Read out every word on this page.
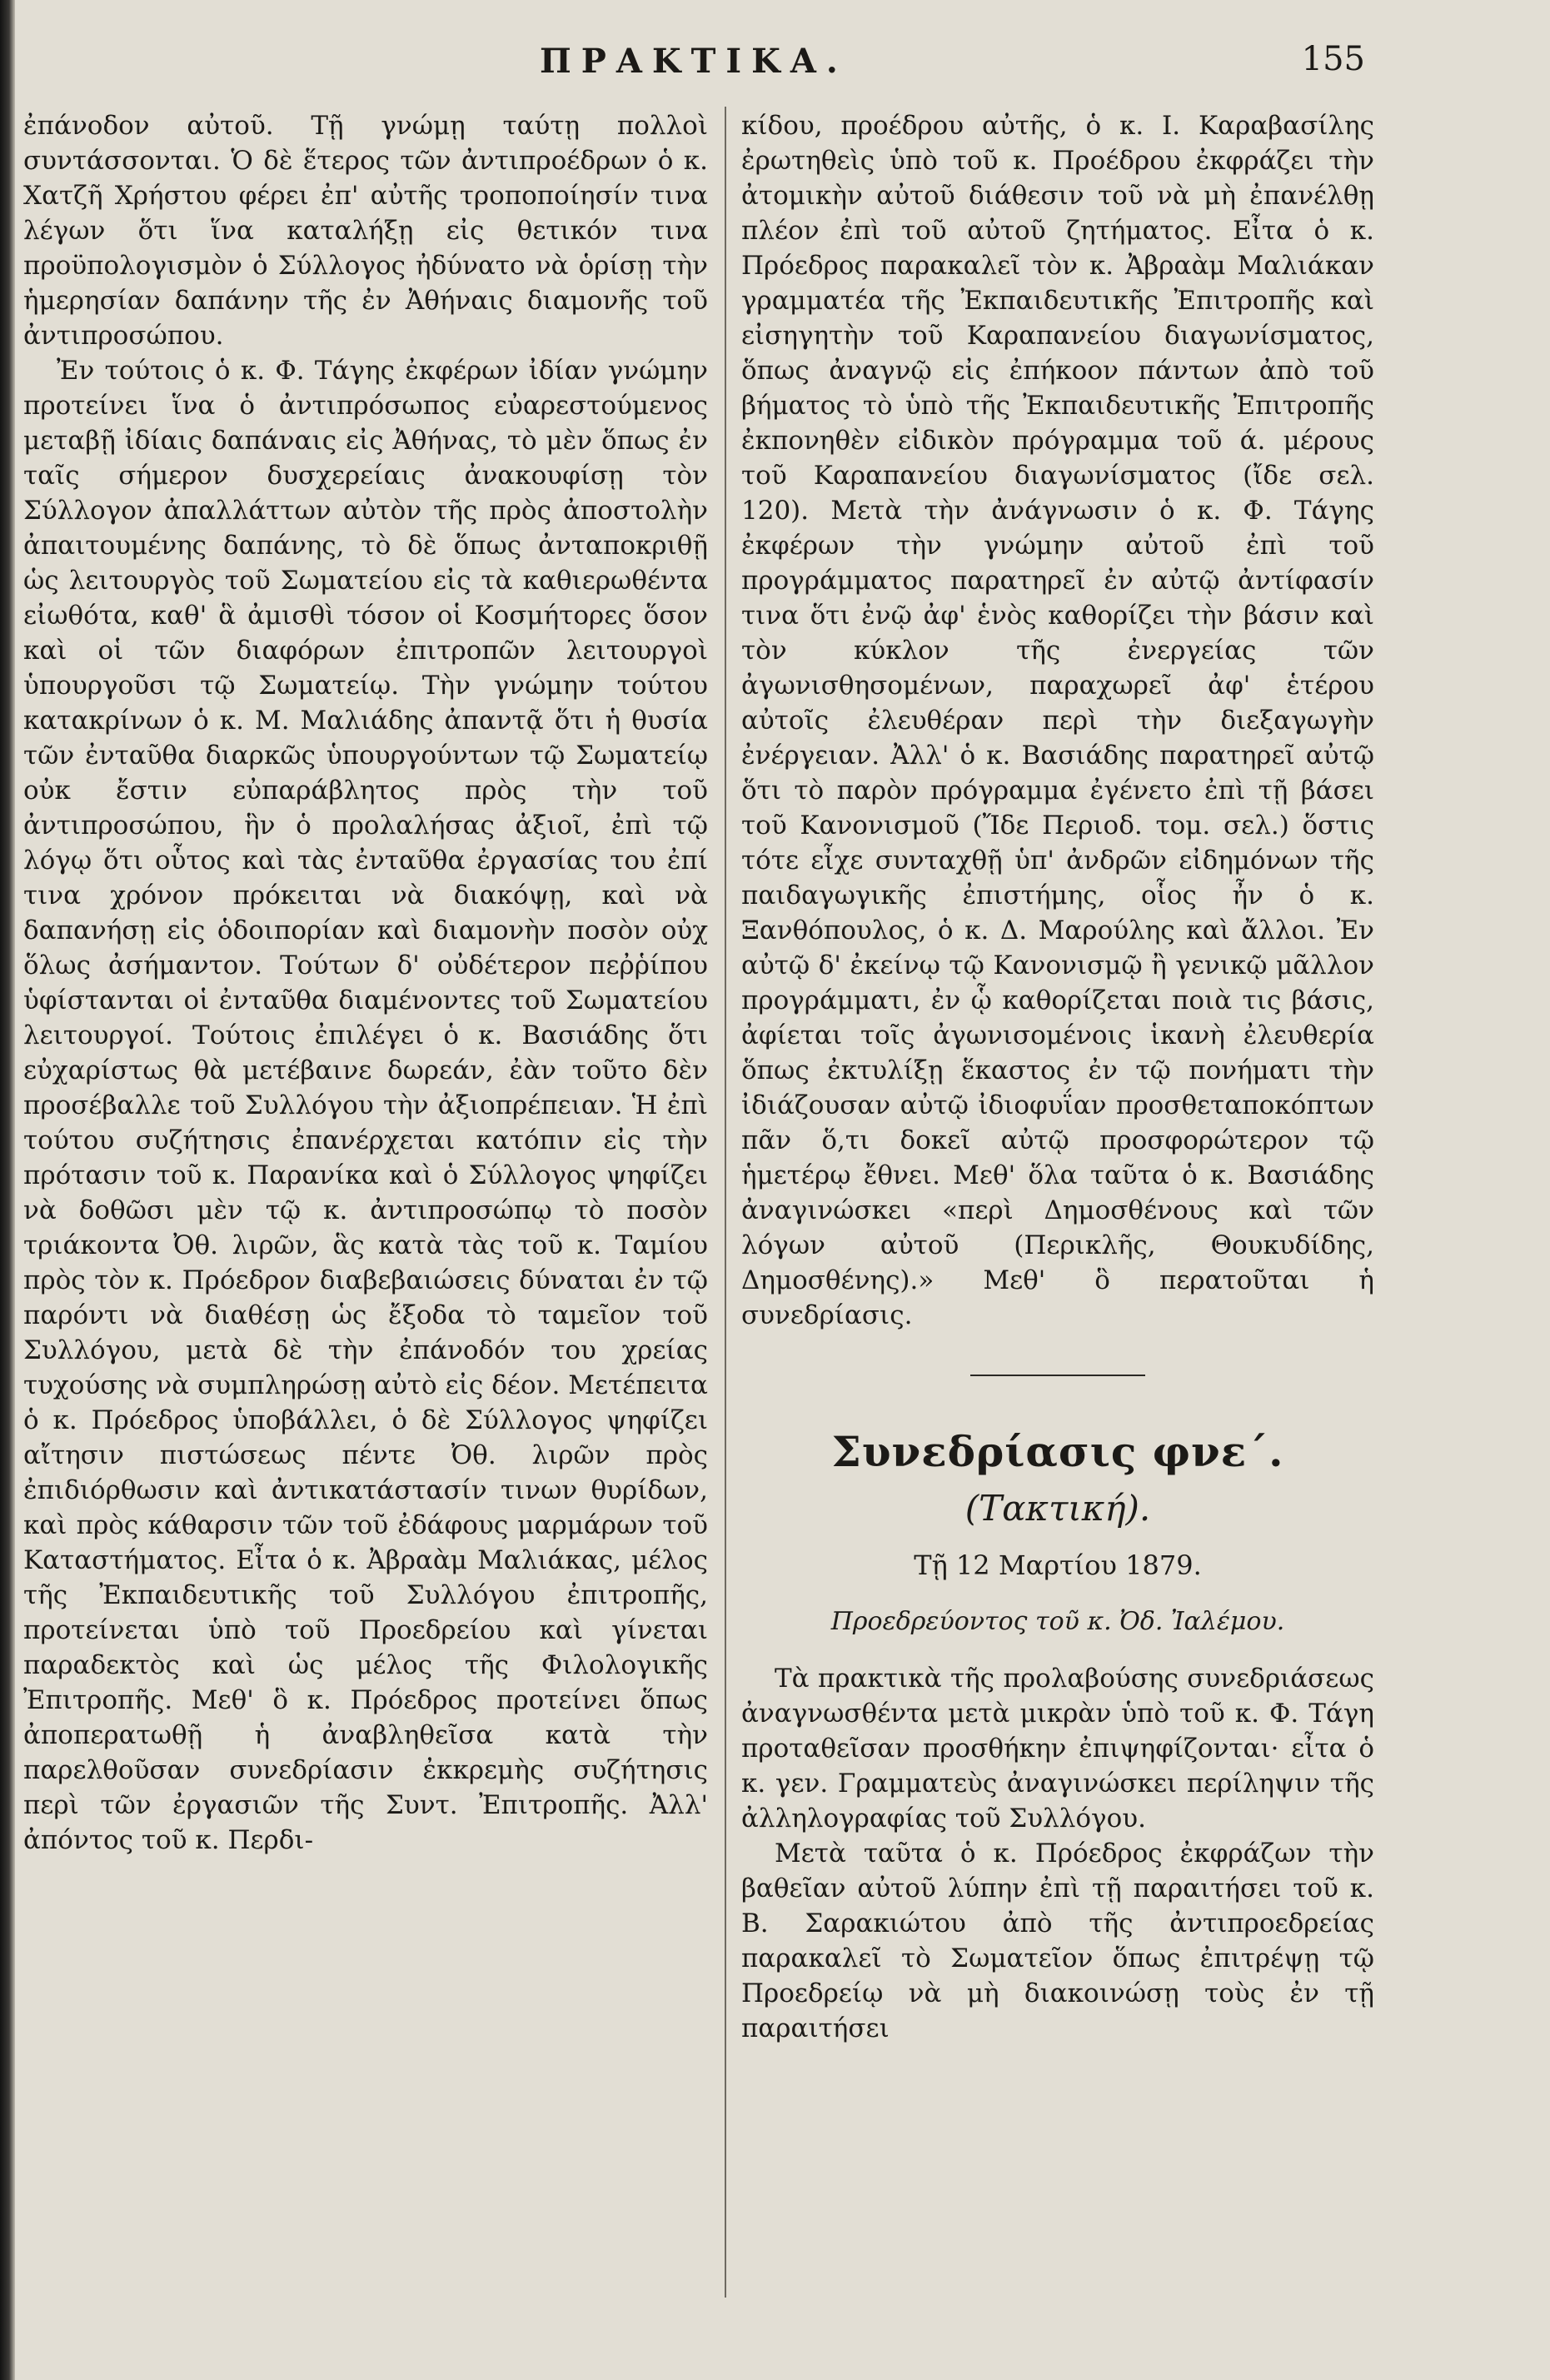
ΠΡΑΚΤΙΚΑ.	155

ἐπάνοδον αὐτοῦ. Τῇ γνώμῃ ταύτῃ πολλοὶ συντάσσονται. Ὁ δὲ ἕτερος τῶν ἀντιπροέδρων ὁ κ. Χατζῆ Χρήστου φέρει ἐπ' αὐτῆς τροποποίησίν τινα λέγων ὅτι ἵνα καταλήξῃ εἰς θετικόν τινα προϋπολογισμὸν ὁ Σύλλογος ἠδύνατο νὰ ὁρίσῃ τὴν ἡμερησίαν δαπάνην τῆς ἐν Ἀθήναις διαμονῆς τοῦ ἀντιπροσώπου.

Ἐν τούτοις ὁ κ. Φ. Τάγης ἐκφέρων ἰδίαν γνώμην προτείνει ἵνα ὁ ἀντιπρόσωπος εὐαρεστούμενος μεταβῇ ἰδίαις δαπάναις εἰς Ἀθήνας, τὸ μὲν ὅπως ἐν ταῖς σήμερον δυσχερείαις ἀνακουφίσῃ τὸν Σύλλογον ἀπαλλάττων αὐτὸν τῆς πρὸς ἀποστολὴν ἀπαιτουμένης δαπάνης, τὸ δὲ ὅπως ἀνταποκριθῇ ὡς λειτουργὸς τοῦ Σωματείου εἰς τὰ καθιερωθέντα εἰωθότα, καθ' ἃ ἀμισθὶ τόσον οἱ Κοσμήτορες ὅσον καὶ οἱ τῶν διαφόρων ἐπιτροπῶν λειτουργοὶ ὑπουργοῦσι τῷ Σωματείῳ. Τὴν γνώμην τούτου κατακρίνων ὁ κ. Μ. Μαλιάδης ἀπαντᾷ ὅτι ἡ θυσία τῶν ἐνταῦθα διαρκῶς ὑπουργούντων τῷ Σωματείῳ οὐκ ἔστιν εὐπαράβλητος πρὸς τὴν τοῦ ἀντιπροσώπου, ἣν ὁ προλαλήσας ἀξιοῖ, ἐπὶ τῷ λόγῳ ὅτι οὗτος καὶ τὰς ἐνταῦθα ἐργασίας του ἐπί τινα χρόνον πρόκειται νὰ διακόψῃ, καὶ νὰ δαπανήσῃ εἰς ὁδοιπορίαν καὶ διαμονὴν ποσὸν οὐχ ὅλως ἀσήμαντον. Τούτων δ' οὐδέτερον πεῤῥίπου ὑφίστανται οἱ ἐνταῦθα διαμένοντες τοῦ Σωματείου λειτουργοί. Τούτοις ἐπιλέγει ὁ κ. Βασιάδης ὅτι εὐχαρίστως θὰ μετέβαινε δωρεάν, ἐὰν τοῦτο δὲν προσέβαλλε τοῦ Συλλόγου τὴν ἀξιοπρέπειαν. Ἡ ἐπὶ τούτου συζήτησις ἐπανέρχεται κατόπιν εἰς τὴν πρότασιν τοῦ κ. Παρανίκα καὶ ὁ Σύλλογος ψηφίζει νὰ δοθῶσι μὲν τῷ κ. ἀντιπροσώπῳ τὸ ποσὸν τριάκοντα Ὀθ. λιρῶν, ἃς κατὰ τὰς τοῦ κ. Ταμίου πρὸς τὸν κ. Πρόεδρον διαβεβαιώσεις δύναται ἐν τῷ παρόντι νὰ διαθέσῃ ὡς ἔξοδα τὸ ταμεῖον τοῦ Συλλόγου, μετὰ δὲ τὴν ἐπάνοδόν του χρείας τυχούσης νὰ συμπληρώσῃ αὐτὸ εἰς δέον. Μετέπειτα ὁ κ. Πρόεδρος ὑποβάλλει, ὁ δὲ Σύλλογος ψηφίζει αἴτησιν πιστώσεως πέντε Ὀθ. λιρῶν πρὸς ἐπιδιόρθωσιν καὶ ἀντικατάστασίν τινων θυρίδων, καὶ πρὸς κάθαρσιν τῶν τοῦ ἐδάφους μαρμάρων τοῦ Καταστήματος. Εἶτα ὁ κ. Ἀβραὰμ Μαλιάκας, μέλος τῆς Ἐκπαιδευτικῆς τοῦ Συλλόγου ἐπιτροπῆς, προτείνεται ὑπὸ τοῦ Προεδρείου καὶ γίνεται παραδεκτὸς καὶ ὡς μέλος τῆς Φιλολογικῆς Ἐπιτροπῆς. Μεθ' ὃ κ. Πρόεδρος προτείνει ὅπως ἀποπερατωθῇ ἡ ἀναβληθεῖσα κατὰ τὴν παρελθοῦσαν συνεδρίασιν ἐκκρεμὴς συζήτησις περὶ τῶν ἐργασιῶν τῆς Συντ. Ἐπιτροπῆς. Ἀλλ' ἀπόντος τοῦ κ. Περδι-

κίδου, προέδρου αὐτῆς, ὁ κ. Ι. Καραβασίλης ἐρωτηθεὶς ὑπὸ τοῦ κ. Προέδρου ἐκφράζει τὴν ἀτομικὴν αὐτοῦ διάθεσιν τοῦ νὰ μὴ ἐπανέλθῃ πλέον ἐπὶ τοῦ αὐτοῦ ζητήματος. Εἶτα ὁ κ. Πρόεδρος παρακαλεῖ τὸν κ. Ἀβραὰμ Μαλιάκαν γραμματέα τῆς Ἐκπαιδευτικῆς Ἐπιτροπῆς καὶ εἰσηγητὴν τοῦ Καραπανείου διαγωνίσματος, ὅπως ἀναγνῷ εἰς ἐπήκοον πάντων ἀπὸ τοῦ βήματος τὸ ὑπὸ τῆς Ἐκπαιδευτικῆς Ἐπιτροπῆς ἐκπονηθὲν εἰδικὸν πρόγραμμα τοῦ ά. μέρους τοῦ Καραπανείου διαγωνίσματος (ἴδε σελ. 120). Μετὰ τὴν ἀνάγνωσιν ὁ κ. Φ. Τάγης ἐκφέρων τὴν γνώμην αὐτοῦ ἐπὶ τοῦ προγράμματος παρατηρεῖ ἐν αὐτῷ ἀντίφασίν τινα ὅτι ἐνῷ ἀφ' ἑνὸς καθορίζει τὴν βάσιν καὶ τὸν κύκλον τῆς ἐνεργείας τῶν ἀγωνισθησομένων, παραχωρεῖ ἀφ' ἑτέρου αὐτοῖς ἐλευθέραν περὶ τὴν διεξαγωγὴν ἐνέργειαν. Ἀλλ' ὁ κ. Βασιάδης παρατηρεῖ αὐτῷ ὅτι τὸ παρὸν πρόγραμμα ἐγένετο ἐπὶ τῇ βάσει τοῦ Κανονισμοῦ (Ἴδε Περιοδ. τομ. σελ.) ὅστις τότε εἶχε συνταχθῇ ὑπ' ἀνδρῶν εἰδημόνων τῆς παιδαγωγικῆς ἐπιστήμης, οἷος ἦν ὁ κ. Ξανθόπουλος, ὁ κ. Δ. Μαρούλης καὶ ἄλλοι. Ἐν αὐτῷ δ' ἐκείνῳ τῷ Κανονισμῷ ἢ γενικῷ μᾶλλον προγράμματι, ἐν ᾧ καθορίζεται ποιὰ τις βάσις, ἀφίεται τοῖς ἀγωνισομένοις ἱκανὴ ἐλευθερία ὅπως ἐκτυλίξῃ ἕκαστος ἐν τῷ πονήματι τὴν ἰδιάζουσαν αὐτῷ ἰδιοφυΐαν προσθεταποκόπτων πᾶν ὅ,τι δοκεῖ αὐτῷ προσφορώτερον τῷ ἡμετέρῳ ἔθνει. Μεθ' ὅλα ταῦτα ὁ κ. Βασιάδης ἀναγινώσκει «περὶ Δημοσθένους καὶ τῶν λόγων αὐτοῦ (Περικλῆς, Θουκυδίδης, Δημοσθένης).» Μεθ' ὃ περατοῦται ἡ συνεδρίασις.

Συνεδρίασις φνε΄.
(Τακτική).
Τῇ 12 Μαρτίου 1879.
Προεδρεύοντος τοῦ κ. Ὀδ. Ἰαλέμου.

Τὰ πρακτικὰ τῆς προλαβούσης συνεδριάσεως ἀναγνωσθέντα μετὰ μικρὰν ὑπὸ τοῦ κ. Φ. Τάγη προταθεῖσαν προσθήκην ἐπιψηφίζονται· εἶτα ὁ κ. γεν. Γραμματεὺς ἀναγινώσκει περίληψιν τῆς ἀλληλογραφίας τοῦ Συλλόγου.

Μετὰ ταῦτα ὁ κ. Πρόεδρος ἐκφράζων τὴν βαθεῖαν αὐτοῦ λύπην ἐπὶ τῇ παραιτήσει τοῦ κ. Β. Σαρακιώτου ἀπὸ τῆς ἀντιπροεδρείας παρακαλεῖ τὸ Σωματεῖον ὅπως ἐπιτρέψῃ τῷ Προεδρείῳ νὰ μὴ διακοινώσῃ τοὺς ἐν τῇ παραιτήσει
